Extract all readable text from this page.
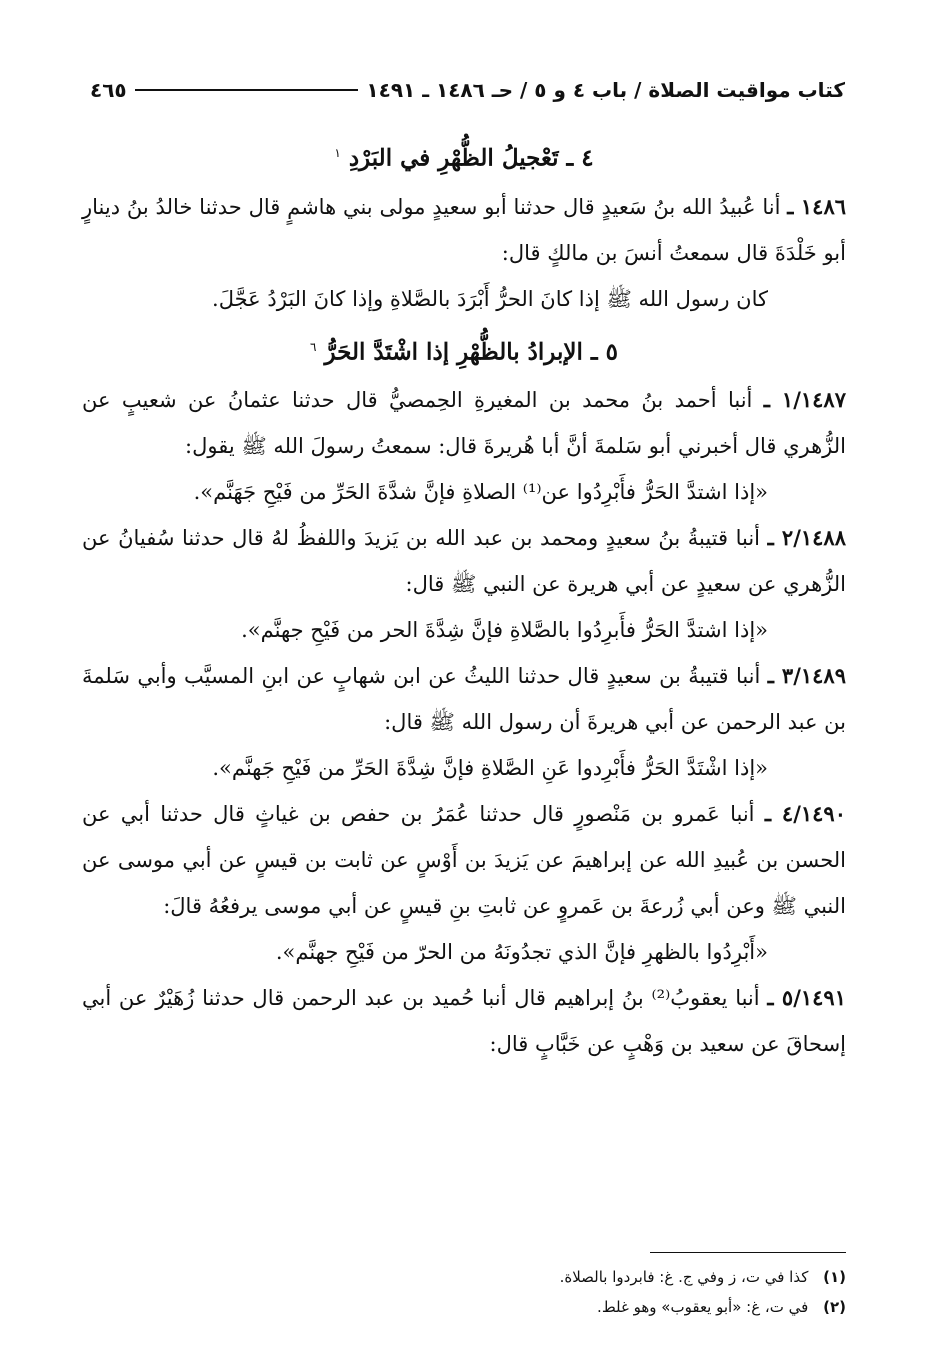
كتاب مواقيت الصلاة / باب ٤ و ٥ / حـ ١٤٨٦ ـ ١٤٩١
٤٦٥
٤ ـ تَعْجيلُ الظُّهْرِ في البَرْدِ $^١$

١٤٨٦ ـ أنا عُبيدُ الله بنُ سَعيدٍ قال حدثنا أبو سعيدٍ مولى بني هاشمٍ قال حدثنا خالدُ بنُ دينارٍ أبو خَلْدَةَ قال سمعتُ أنسَ بن مالكٍ قال:

كان رسول الله ﷺ إذا كانَ الحرُّ أَبْرَدَ بالصَّلاةِ وإذا كانَ البَرْدُ عَجَّلَ.

٥ ـ الإبرادُ بالظُّهْرِ إذا اشْتَدَّ الحَرُّ $^٦$

١/١٤٨٧ ـ أنبا أحمد بنُ محمد بن المغيرةِ الحِمصيُّ قال حدثنا عثمانُ عن شعيبٍ عن الزُّهري قال أخبرني أبو سَلمةَ أنَّ أبا هُريرةَ قال: سمعتُ رسولَ الله ﷺ يقول:

«إذا اشتدَّ الحَرُّ فأَبْرِدُوا عن⁽¹⁾ الصلاةِ فإنَّ شدَّةَ الحَرِّ من فَيْحِ جَهَنَّم».

٢/١٤٨٨ ـ أنبا قتيبةُ بنُ سعيدٍ ومحمد بن عبد الله بن يَزيدَ واللفظُ لهُ قال حدثنا سُفيانُ عن الزُّهري عن سعيدٍ عن أبي هريرة عن النبي ﷺ قال:

«إذا اشتدَّ الحَرُّ فأَبرِدُوا بالصَّلاةِ فإنَّ شِدَّةَ الحر من فَيْحِ جهنَّم».

٣/١٤٨٩ ـ أنبا قتيبةُ بن سعيدٍ قال حدثنا الليثُ عن ابن شهابٍ عن ابنِ المسيَّب وأبي سَلمةَ بن عبد الرحمن عن أبي هريرةَ أن رسول الله ﷺ قال:

«إذا اشْتَدَّ الحَرُّ فأَبْرِدوا عَنِ الصَّلاةِ فإنَّ شِدَّةَ الحَرِّ من فَيْحِ جَهنَّم».

٤/١٤٩٠ ـ أنبا عَمرو بن مَنْصورٍ قال حدثنا عُمَرُ بن حفص بن غياثٍ قال حدثنا أبي عن الحسن بن عُبيدِ الله عن إبراهيمَ عن يَزيدَ بن أَوْسٍ عن ثابت بن قيسٍ عن أبي موسى عن النبي ﷺ وعن أبي زُرعةَ بن عَمروٍ عن ثابتِ بنِ قيسٍ عن أبي موسى يرفعُهُ قالَ:

«أَبْرِدُوا بالظهرِ فإنَّ الذي تجدُونَهُ من الحرّ من فَيْحِ جهنَّم».

٥/١٤٩١ ـ أنبا يعقوبُ⁽²⁾ بنُ إبراهيم قال أنبا حُميد بن عبد الرحمن قال حدثنا زُهَيْرٌ عن أبي إسحاقَ عن سعيد بن وَهْبٍ عن خَبَّابٍ قال:

(١) كذا في ت، ز وفي ج. غ: فابردوا بالصلاة.
(٢) في ت، غ: «أبو يعقوب» وهو غلط.
